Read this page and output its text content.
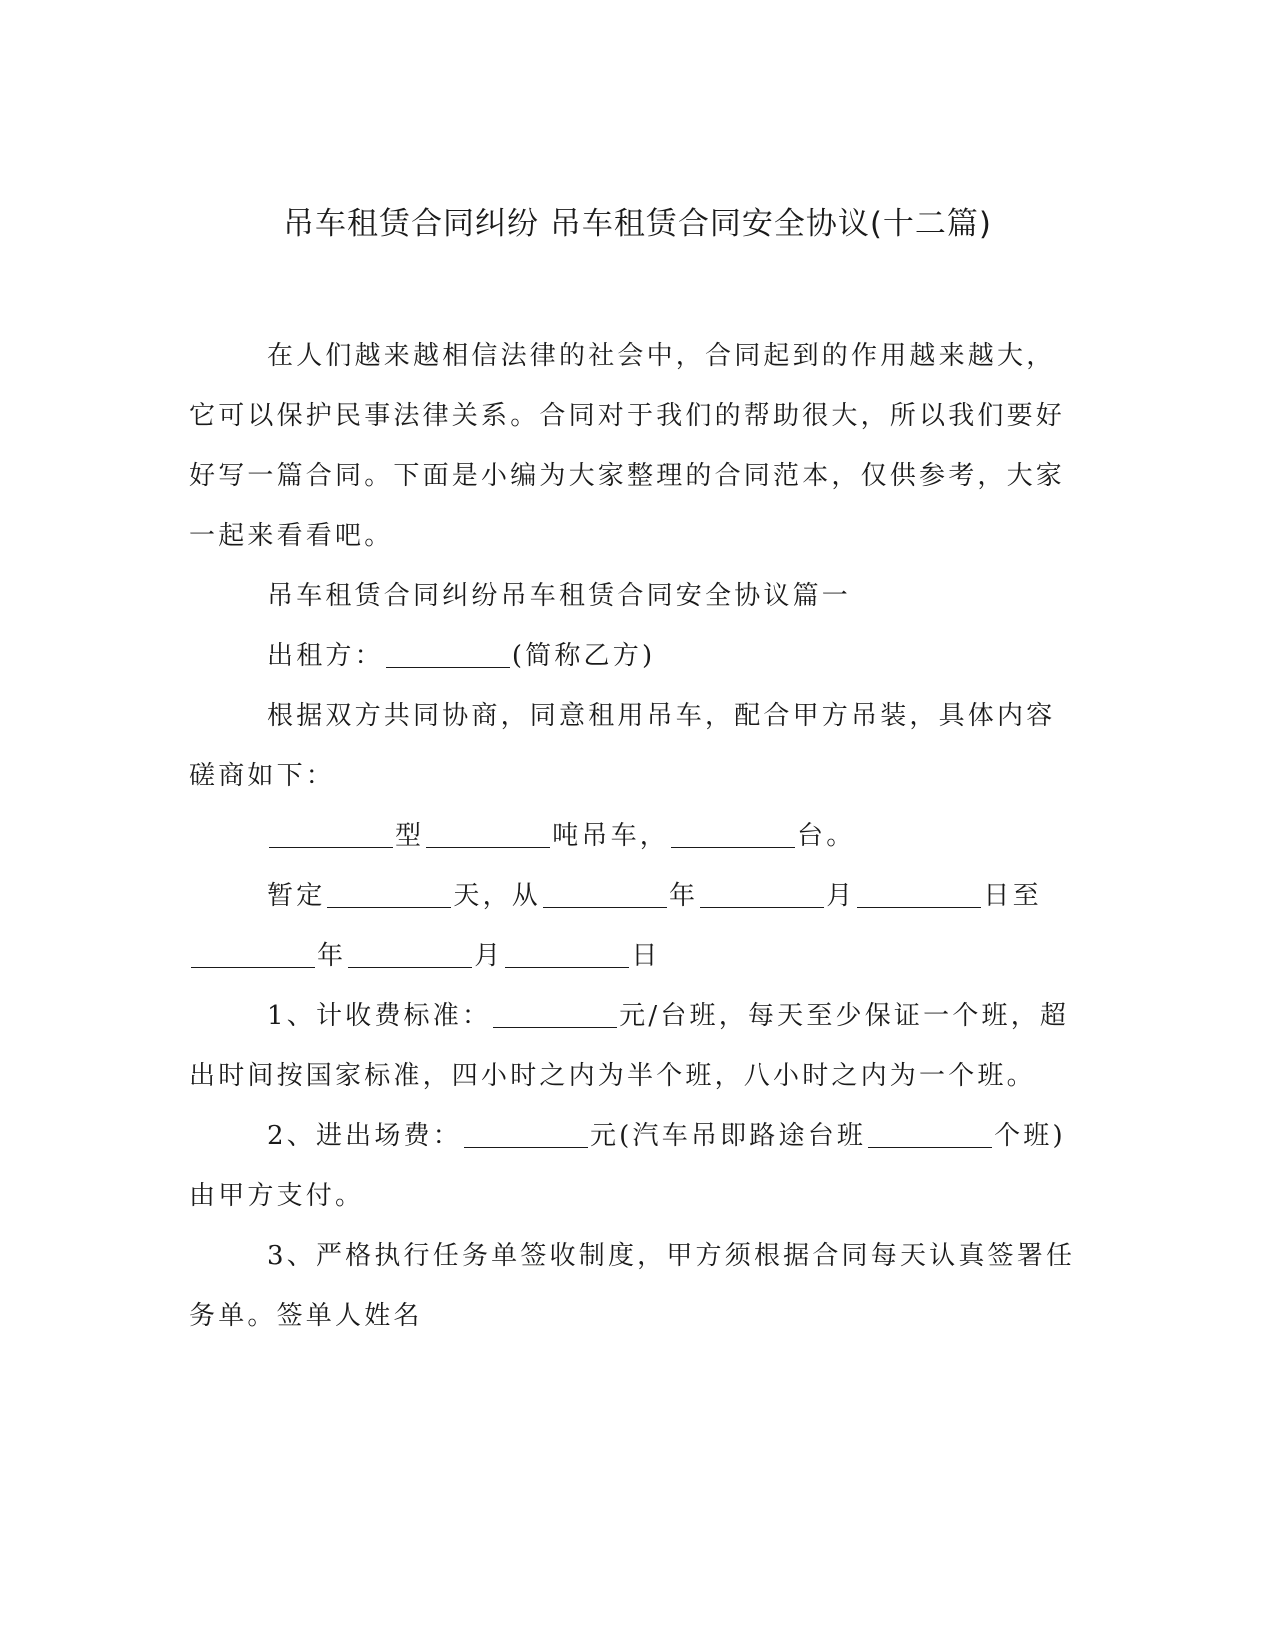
吊车租赁合同纠纷 吊车租赁合同安全协议(十二篇)

在人们越来越相信法律的社会中，合同起到的作用越来越大，它可以保护民事法律关系。合同对于我们的帮助很大，所以我们要好好写一篇合同。下面是小编为大家整理的合同范本，仅供参考，大家一起来看看吧。

吊车租赁合同纠纷吊车租赁合同安全协议篇一

出租方：	(简称乙方)

根据双方共同协商，同意租用吊车，配合甲方吊装，具体内容磋商如下：

型	吨吊车，	台。

暂定	天，从	年	月	日至年	月	日

1、计收费标准：	元/台班，每天至少保证一个班，超出时间按国家标准，四小时之内为半个班，八小时之内为一个班。

2、进出场费：	元(汽车吊即路途台班	个班)由甲方支付。

3、严格执行任务单签收制度，甲方须根据合同每天认真签署任务单。签单人姓名
